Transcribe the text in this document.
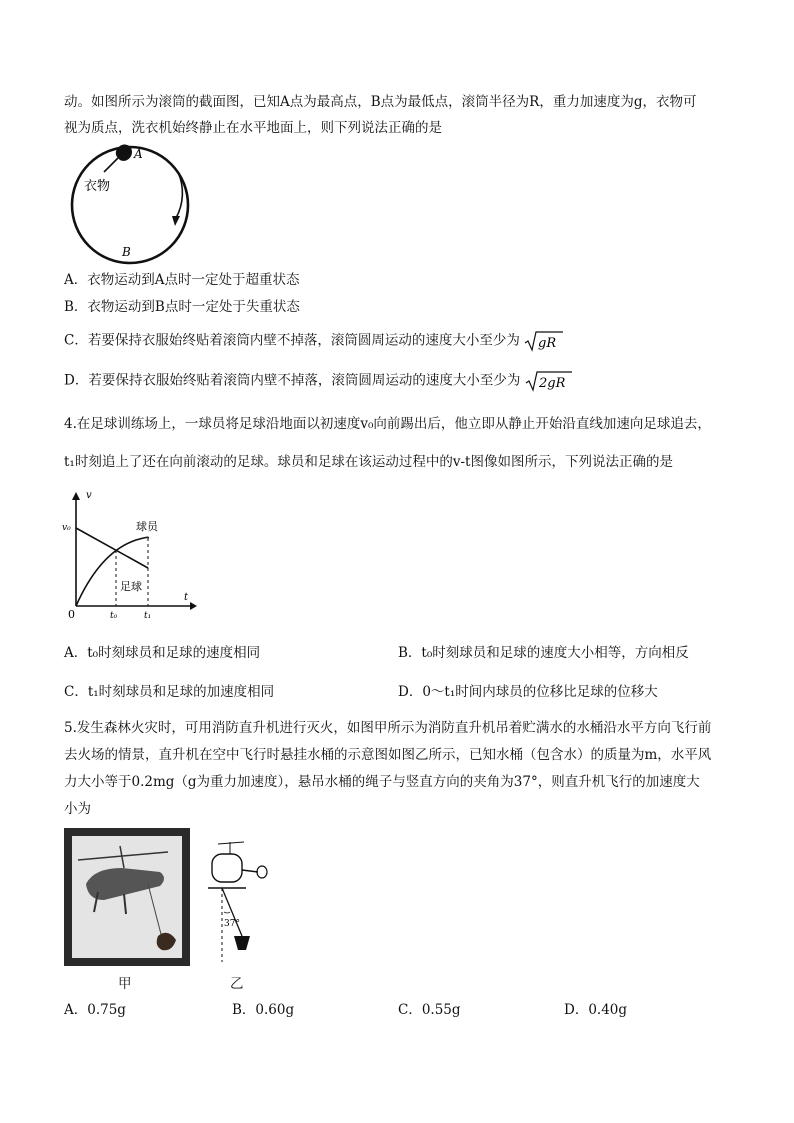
动。如图所示为滚筒的截面图，已知A点为最高点，B点为最低点，滚筒半径为R，重力加速度为g，衣物可
视为质点，洗衣机始终静止在水平地面上，则下列说法正确的是
A
B
衣物
A．衣物运动到A点时一定处于超重状态
B．衣物运动到B点时一定处于失重状态
C．若要保持衣服始终贴着滚筒内壁不掉落，滚筒圆周运动的速度大小至少为 gR
D．若要保持衣服始终贴着滚筒内壁不掉落，滚筒圆周运动的速度大小至少为 2gR
4.在足球训练场上，一球员将足球沿地面以初速度v₀向前踢出后，他立即从静止开始沿直线加速向足球追去，
t₁时刻追上了还在向前滚动的足球。球员和足球在该运动过程中的v-t图像如图所示，下列说法正确的是
v
t
0
v₀
t₀	t₁
球员
足球
A．t₀时刻球员和足球的速度相同	B．t₀时刻球员和足球的速度大小相等，方向相反
C．t₁时刻球员和足球的加速度相同	D．0～t₁时间内球员的位移比足球的位移大
5.发生森林火灾时，可用消防直升机进行灭火，如图甲所示为消防直升机吊着贮满水的水桶沿水平方向飞行前
去火场的情景，直升机在空中飞行时悬挂水桶的示意图如图乙所示，已知水桶（包含水）的质量为m，水平风
力大小等于0.2mg（g为重力加速度），悬吊水桶的绳子与竖直方向的夹角为37°，则直升机飞行的加速度大
小为
37°
甲	乙
A．0.75g	B．0.60g	C．0.55g	D．0.40g
